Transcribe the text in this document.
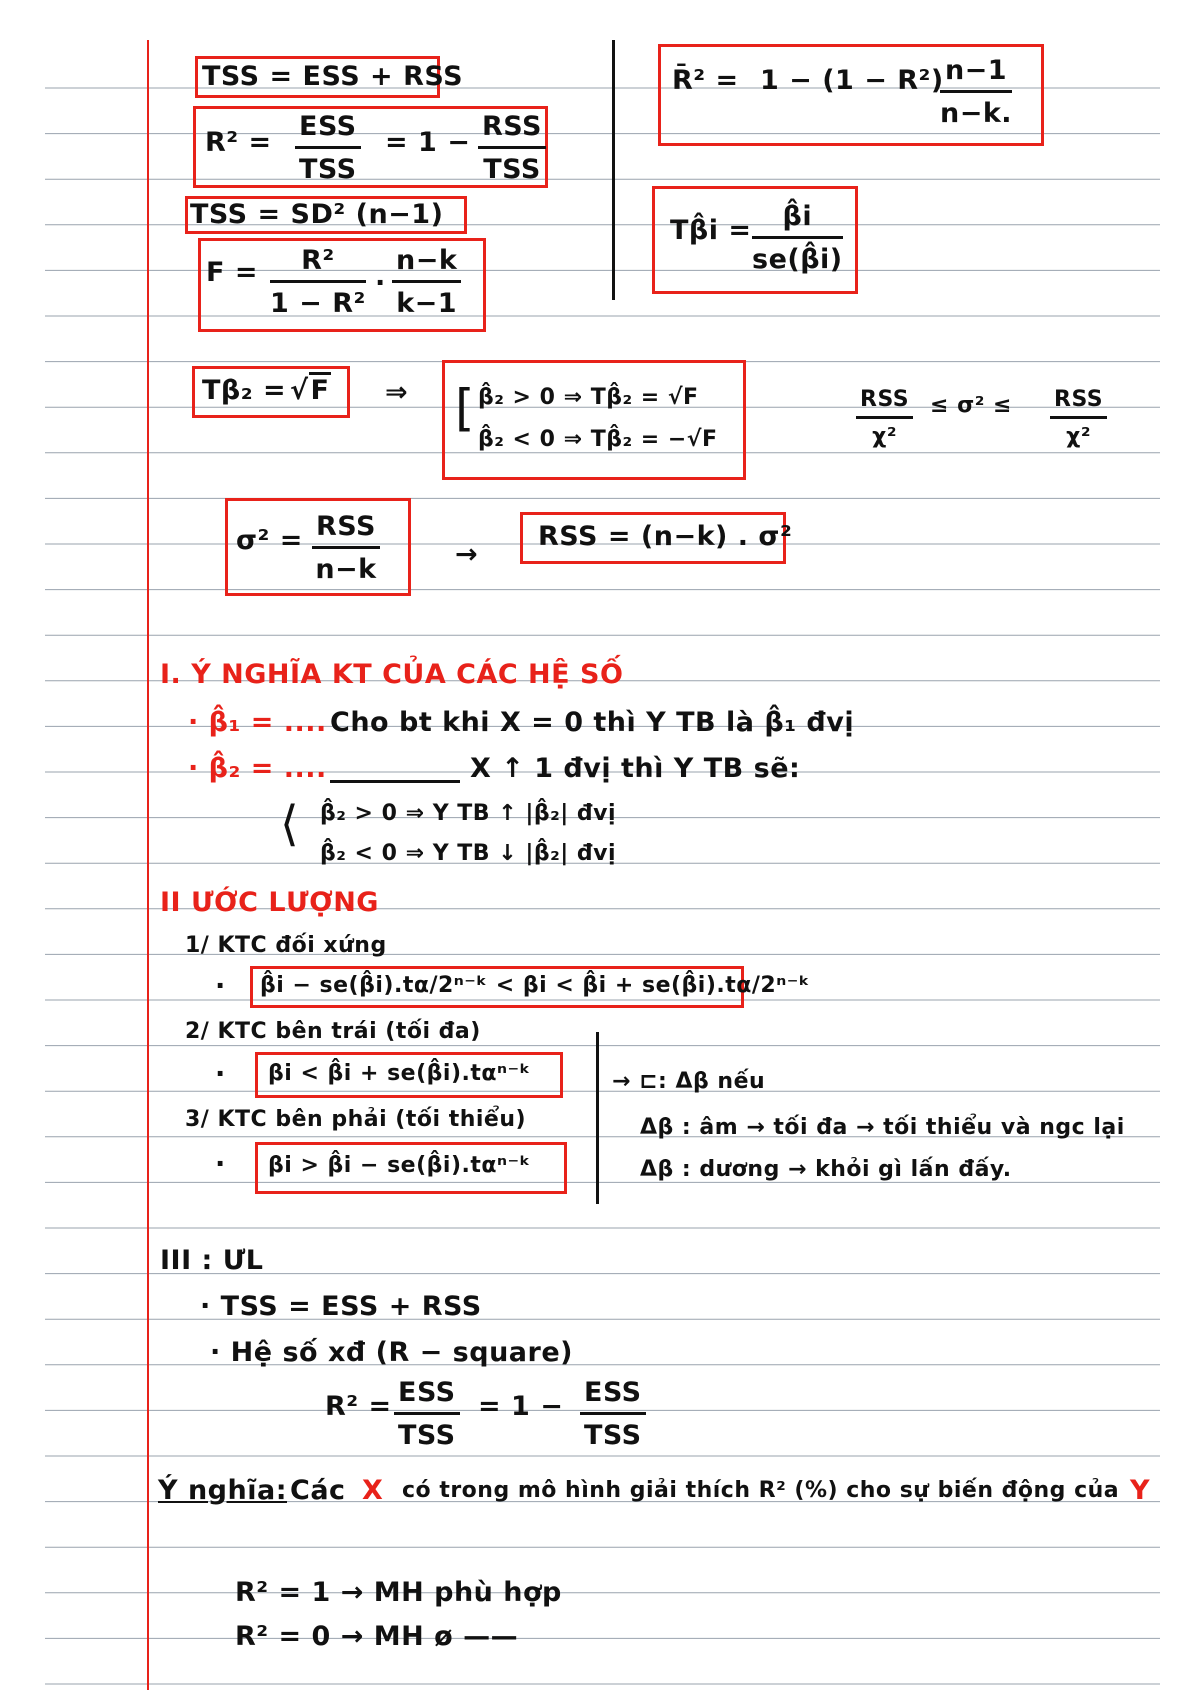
TSS = ESS + RSS
R² =
ESS
TSS
= 1 −
RSS
TSS
TSS = SD² (n−1)
$F = \frac{\text{R²}}{\text{1 − R²}}$ . $\frac{n-k}{k-1}$
R̄² = 1 − (1 − R²)
$\frac{n-1}{n-k.}$
Tβ̂i = $\frac{\betâi}{se(\betâi)}$
Tβ₂ = √F ⇒ [ β̂₂ > 0 ⇒ Tβ̂₂ = √F
β̂₂ < 0 ⇒ Tβ̂₂ = −√F
RSS
χ²
≤ σ² ≤ RSS
χ²
σ² = RSS
n−k	→
RSS = (n−k) . σ²
I. Ý NGHĨA KT CỦA CÁC HỆ SỐ
· β̂₁ = .... Cho bt khi X = 0 thì Y TB là β̂₁ đvị
· β̂₂ = ....	X ↑ 1 đvị thì Y TB sẽ:
⟨ β̂₂ > 0 ⇒ Y TB ↑ |β̂₂| đvị
β̂₂ < 0 ⇒ Y TB ↓ |β̂₂| đvị
II ƯỚC LƯỢNG
1/ KTC đối xứng
· β̂i − se(β̂i).tα/2ⁿ⁻ᵏ < βi < β̂i + se(β̂i).tα/2ⁿ⁻ᵏ
2/ KTC bên trái (tối đa)
· βi < β̂i + se(β̂i).tαⁿ⁻ᵏ
3/ KTC bên phải (tối thiểu)
· βi > β̂i − se(β̂i).tαⁿ⁻ᵏ
→ ⊏: Δβ nếu
Δβ : âm → tối đa → tối thiểu và ngc lại
Δβ : dương → khỏi gì lấn đấy.
III : ƯL
· TSS = ESS + RSS
· Hệ số xđ (R − square)
R² = ESS
TSS
= 1 − ESS
TSS
Ý nghĩa: Các X có trong mô hình giải thích R² (%) cho sự biến động của Y
R² = 1 → MH phù hợp
R² = 0 → MH ø ——
